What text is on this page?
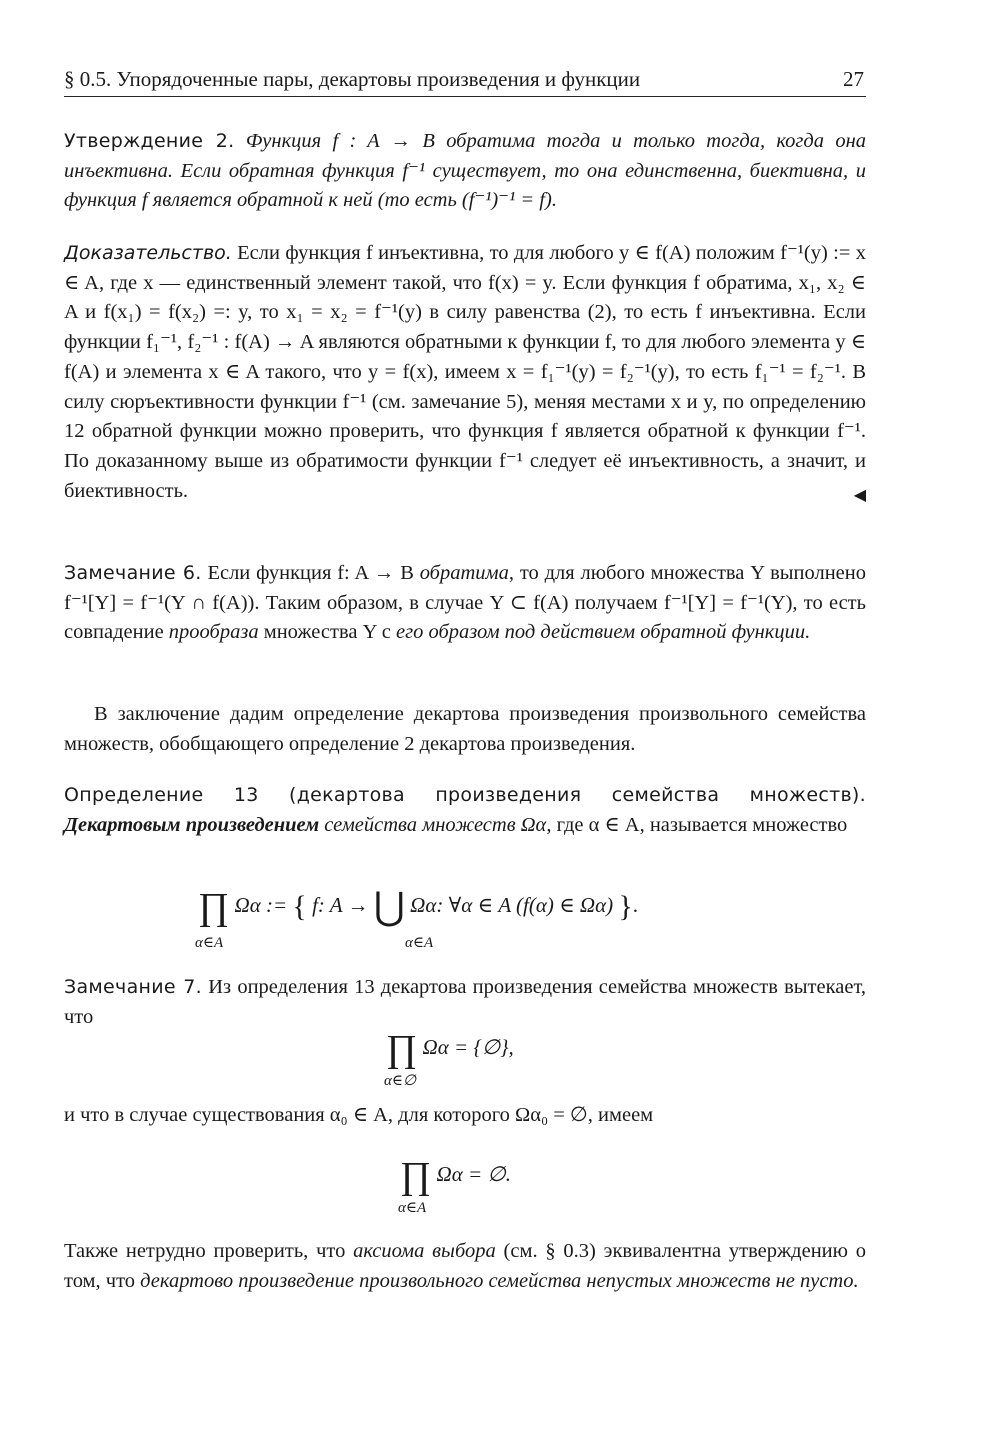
§ 0.5. Упорядоченные пары, декартовы произведения и функции	27

Утверждение 2. Функция f : A → B обратима тогда и только тогда, когда она инъективна. Если обратная функция f⁻¹ существует, то она единственна, биективна, и функция f является обратной к ней (то есть (f⁻¹)⁻¹ = f).

Доказательство. Если функция f инъективна, то для любого y ∈ f(A) положим f⁻¹(y) := x ∈ A, где x — единственный элемент такой, что f(x) = y. Если функция f обратима, x₁, x₂ ∈ A и f(x₁) = f(x₂) =: y, то x₁ = x₂ = f⁻¹(y) в силу равенства (2), то есть f инъективна. Если функции f₁⁻¹, f₂⁻¹ : f(A) → A являются обратными к функции f, то для любого элемента y ∈ f(A) и элемента x ∈ A такого, что y = f(x), имеем x = f₁⁻¹(y) = f₂⁻¹(y), то есть f₁⁻¹ = f₂⁻¹. В силу сюръективности функции f⁻¹ (см. замечание 5), меняя местами x и y, по определению 12 обратной функции можно проверить, что функция f является обратной к функции f⁻¹. По доказанному выше из обратимости функции f⁻¹ следует её инъективность, а значит, и биективность.	◀

Замечание 6. Если функция f: A → B обратима, то для любого множества Y выполнено f⁻¹[Y] = f⁻¹(Y ∩ f(A)). Таким образом, в случае Y ⊂ f(A) получаем f⁻¹[Y] = f⁻¹(Y), то есть совпадение прообраза множества Y с его образом под действием обратной функции.

В заключение дадим определение декартова произведения произвольного семейства множеств, обобщающего определение 2 декартова произведения.

Определение 13 (декартова произведения семейства множеств). Декартовым произведением семейства множеств Ωα, где α ∈ A, называется множество

∏ Ωα := { f: A → ⋃ Ωα: ∀α ∈ A (f(α) ∈ Ωα) }.
α∈A	α∈A

Замечание 7. Из определения 13 декартова произведения семейства множеств вытекает, что

∏ Ωα = {∅},
α∈∅

и что в случае существования α₀ ∈ A, для которого Ωα₀ = ∅, имеем

∏ Ωα = ∅.
α∈A

Также нетрудно проверить, что аксиома выбора (см. § 0.3) эквивалентна утверждению о том, что декартово произведение произвольного семейства непустых множеств не пусто.
